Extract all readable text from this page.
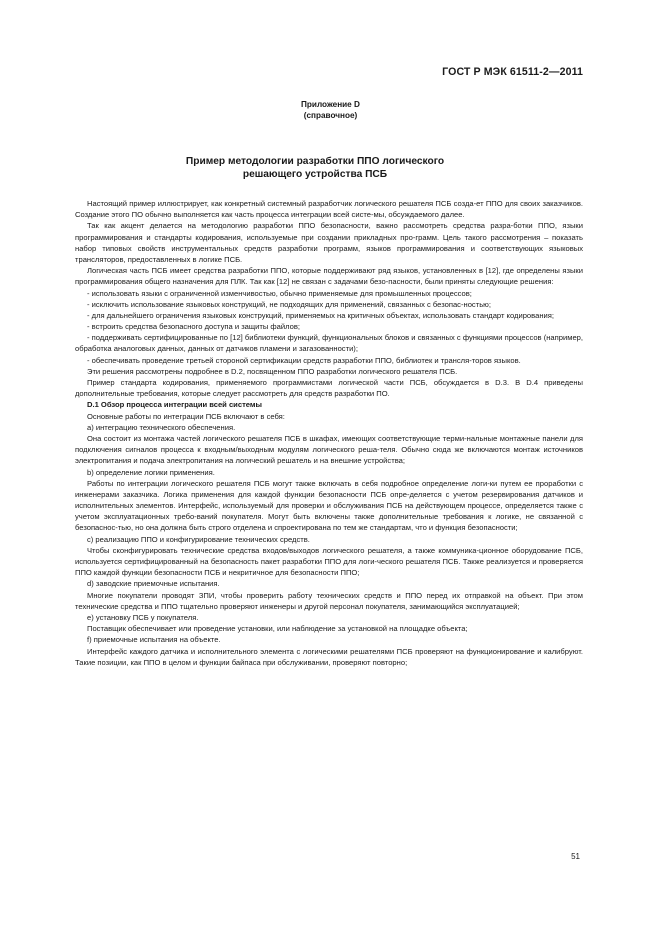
ГОСТ Р МЭК 61511-2—2011
Приложение D
(справочное)
Пример методологии разработки ППО логического
решающего устройства ПСБ

Настоящий пример иллюстрирует, как конкретный системный разработчик логического решателя ПСБ созда-ет ППО для своих заказчиков. Создание этого ПО обычно выполняется как часть процесса интеграции всей систе-мы, обсуждаемого далее.

Так как акцент делается на методологию разработки ППО безопасности, важно рассмотреть средства разра-ботки ППО, языки программирования и стандарты кодирования, используемые при создании прикладных про-грамм. Цель такого рассмотрения – показать набор типовых свойств инструментальных средств разработки программ, языков программирования и соответствующих языковых трансляторов, предоставленных в логике ПСБ.

Логическая часть ПСБ имеет средства разработки ППО, которые поддерживают ряд языков, установленных в [12], где определены языки программирования общего назначения для ПЛК. Так как [12] не связан с задачами безо-пасности, были приняты следующие решения:

- использовать языки с ограниченной изменчивостью, обычно применяемые для промышленных процессов;

- исключить использование языковых конструкций, не подходящих для применений, связанных с безопас-ностью;

- для дальнейшего ограничения языковых конструкций, применяемых на критичных объектах, использовать стандарт кодирования;

- встроить средства безопасного доступа и защиты файлов;

- поддерживать сертифицированные по [12] библиотеки функций, функциональных блоков и связанных с функциями процессов (например, обработка аналоговых данных, данных от датчиков пламени и загазованности);

- обеспечивать проведение третьей стороной сертификации средств разработки ППО, библиотек и трансля-торов языков.

Эти решения рассмотрены подробнее в D.2, посвященном ППО разработки логического решателя ПСБ.

Пример стандарта кодирования, применяемого программистами логической части ПСБ, обсуждается в D.3. В D.4 приведены дополнительные требования, которые следует рассмотреть для средств разработки ПО.

D.1 Обзор процесса интеграции всей системы

Основные работы по интеграции ПСБ включают в себя:

а) интеграцию технического обеспечения.

Она состоит из монтажа частей логического решателя ПСБ в шкафах, имеющих соответствующие терми-нальные монтажные панели для подключения сигналов процесса к входным/выходным модулям логического реша-теля. Обычно сюда же включаются монтаж источников электропитания и подача электропитания на логический решатель и на внешние устройства;

b) определение логики применения.

Работы по интеграции логического решателя ПСБ могут также включать в себя подробное определение логи-ки путем ее проработки с инженерами заказчика. Логика применения для каждой функции безопасности ПСБ опре-деляется с учетом резервирования датчиков и исполнительных элементов. Интерфейс, используемый для проверки и обслуживания ПСБ на действующем процессе, определяется также с учетом эксплуатационных требо-ваний покупателя. Могут быть включены также дополнительные требования к логике, не связанной с безопаснос-тью, но она должна быть строго отделена и спроектирована по тем же стандартам, что и функция безопасности;

c) реализацию ППО и конфигурирование технических средств.

Чтобы сконфигурировать технические средства входов/выходов логического решателя, а также коммуника-ционное оборудование ПСБ, используется сертифицированный на безопасность пакет разработки ППО для логи-ческого решателя ПСБ. Также реализуется и проверяется ППО каждой функции безопасности ПСБ и некритичное для безопасности ППО;

d) заводские приемочные испытания.

Многие покупатели проводят ЗПИ, чтобы проверить работу технических средств и ППО перед их отправкой на объект. При этом технические средства и ППО тщательно проверяют инженеры и другой персонал покупателя, занимающийся эксплуатацией;

e) установку ПСБ у покупателя.

Поставщик обеспечивает или проведение установки, или наблюдение за установкой на площадке объекта;

f) приемочные испытания на объекте.

Интерфейс каждого датчика и исполнительного элемента с логическими решателями ПСБ проверяют на функционирование и калибруют. Такие позиции, как ППО в целом и функции байпаса при обслуживании, проверяют повторно;

51
